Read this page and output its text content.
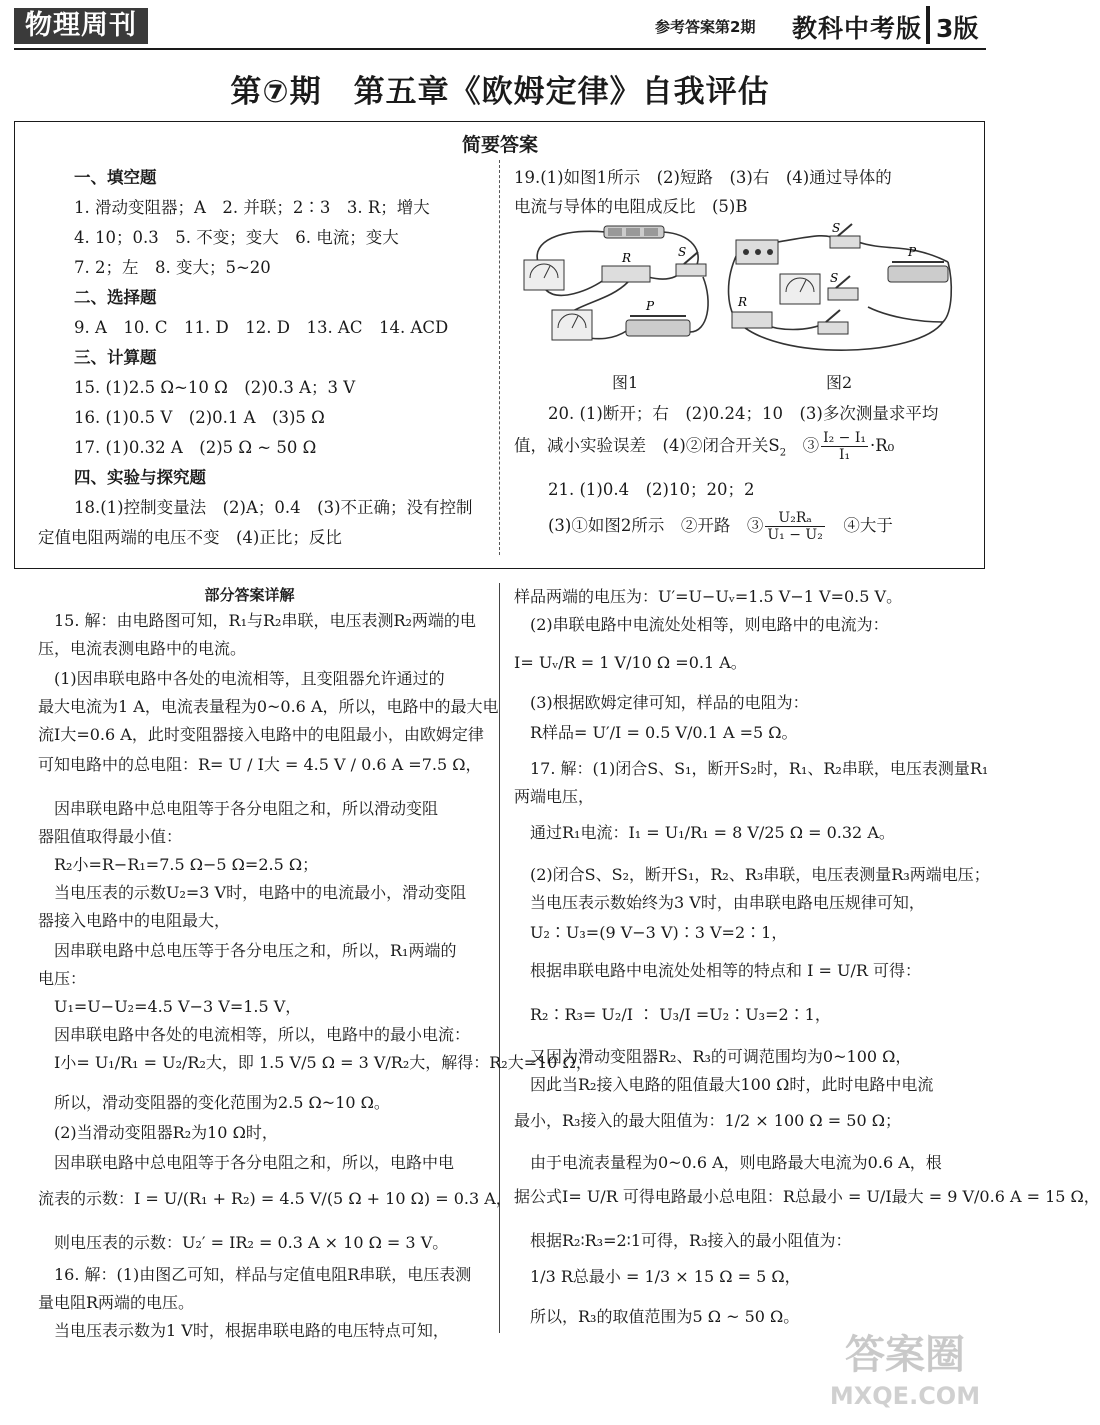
物理周刊	参考答案第2期 教科中考版 3版
第⑦期　第五章《欧姆定律》自我评估
简要答案
一、填空题
1. 滑动变阻器；A　2. 并联；2∶3　3. R；增大
4. 10；0.3　5. 不变；变大　6. 电流；变大
7. 2；左　8. 变大；5~20
二、选择题
9. A　10. C　11. D　12. D　13. AC　14. ACD
三、计算题
15. (1)2.5 Ω~10 Ω　(2)0.3 A；3 V
16. (1)0.5 V　(2)0.1 A　(3)5 Ω
17. (1)0.32 A　(2)5 Ω ~ 50 Ω
四、实验与探究题
18.(1)控制变量法　(2)A；0.4　(3)不正确；没有控制
定值电阻两端的电压不变　(4)正比；反比
19.(1)如图1所示　(2)短路　(3)右　(4)通过导体的
电流与导体的电阻成反比　(5)B
R	S
P
图1
S
S
R
P
图2
20. (1)断开；右　(2)0.24；10　(3)多次测量求平均
值，减小实验误差　(4)②闭合开关$S_2$　③ $\frac{\text{I₂ − I₁}}{\text{I₁}} \cdot R_0$
21. (1)0.4　(2)10；20；2
(3)①如图2所示　②开路　③ $\frac{\text{U₂Rₐ}}{\text{U₁ − U₂}}$ 　④大于
部分答案详解
　15. 解：由电路图可知，R₁与R₂串联，电压表测R₂两端的电
压，电流表测电路中的电流。
　(1)因串联电路中各处的电流相等，且变阻器允许通过的
最大电流为1 A，电流表量程为0~0.6 A，所以，电路中的最大电
流I大=0.6 A，此时变阻器接入电路中的电阻最小，由欧姆定律
可知电路中的总电阻：R= U / I大 = 4.5 V / 0.6 A =7.5 Ω，
　因串联电路中总电阻等于各分电阻之和，所以滑动变阻
器阻值取得最小值：
　R₂小=R−R₁=7.5 Ω−5 Ω=2.5 Ω；
　当电压表的示数U₂=3 V时，电路中的电流最小，滑动变阻
器接入电路中的电阻最大，
　因串联电路中总电压等于各分电压之和，所以，R₁两端的
电压：
　U₁=U−U₂=4.5 V−3 V=1.5 V，
　因串联电路中各处的电流相等，所以，电路中的最小电流：
　I小= U₁/R₁ = U₂/R₂大，即 1.5 V/5 Ω = 3 V/R₂大，解得：R₂大=10 Ω，
　所以，滑动变阻器的变化范围为2.5 Ω~10 Ω。
　(2)当滑动变阻器R₂为10 Ω时，
　因串联电路中总电阻等于各分电阻之和，所以，电路中电
流表的示数：I = U/(R₁ + R₂) = 4.5 V/(5 Ω + 10 Ω) = 0.3 A，
　则电压表的示数：U₂′ = IR₂ = 0.3 A × 10 Ω = 3 V。
　16. 解：(1)由图乙可知，样品与定值电阻R串联，电压表测
量电阻R两端的电压。
　当电压表示数为1 V时，根据串联电路的电压特点可知，
样品两端的电压为：U′=U−Uᵥ=1.5 V−1 V=0.5 V。
　(2)串联电路中电流处处相等，则电路中的电流为：
I= Uᵥ/R = 1 V/10 Ω =0.1 A。
　(3)根据欧姆定律可知，样品的电阻为：
　R样品= U′/I = 0.5 V/0.1 A =5 Ω。
　17. 解：(1)闭合S、S₁，断开S₂时，R₁、R₂串联，电压表测量R₁
两端电压，
　通过R₁电流：I₁ = U₁/R₁ = 8 V/25 Ω = 0.32 A。
　(2)闭合S、S₂，断开S₁，R₂、R₃串联，电压表测量R₃两端电压；
　当电压表示数始终为3 V时，由串联电路电压规律可知，
　U₂∶U₃=(9 V−3 V)∶3 V=2∶1，
　根据串联电路中电流处处相等的特点和 I = U/R 可得：
　R₂∶R₃= U₂/I ∶ U₃/I =U₂∶U₃=2∶1，
　又因为滑动变阻器R₂、R₃的可调范围均为0~100 Ω，
　因此当R₂接入电路的阻值最大100 Ω时，此时电路中电流
最小，R₃接入的最大阻值为：1/2 × 100 Ω = 50 Ω；
　由于电流表量程为0~0.6 A，则电路最大电流为0.6 A，根
据公式I= U/R 可得电路最小总电阻：R总最小 = U/I最大 = 9 V/0.6 A = 15 Ω，
　根据R₂∶R₃=2∶1可得，R₃接入的最小阻值为：
　1/3 R总最小 = 1/3 × 15 Ω = 5 Ω，
　所以，R₃的取值范围为5 Ω ~ 50 Ω。
答案圈
MXQE.COM
